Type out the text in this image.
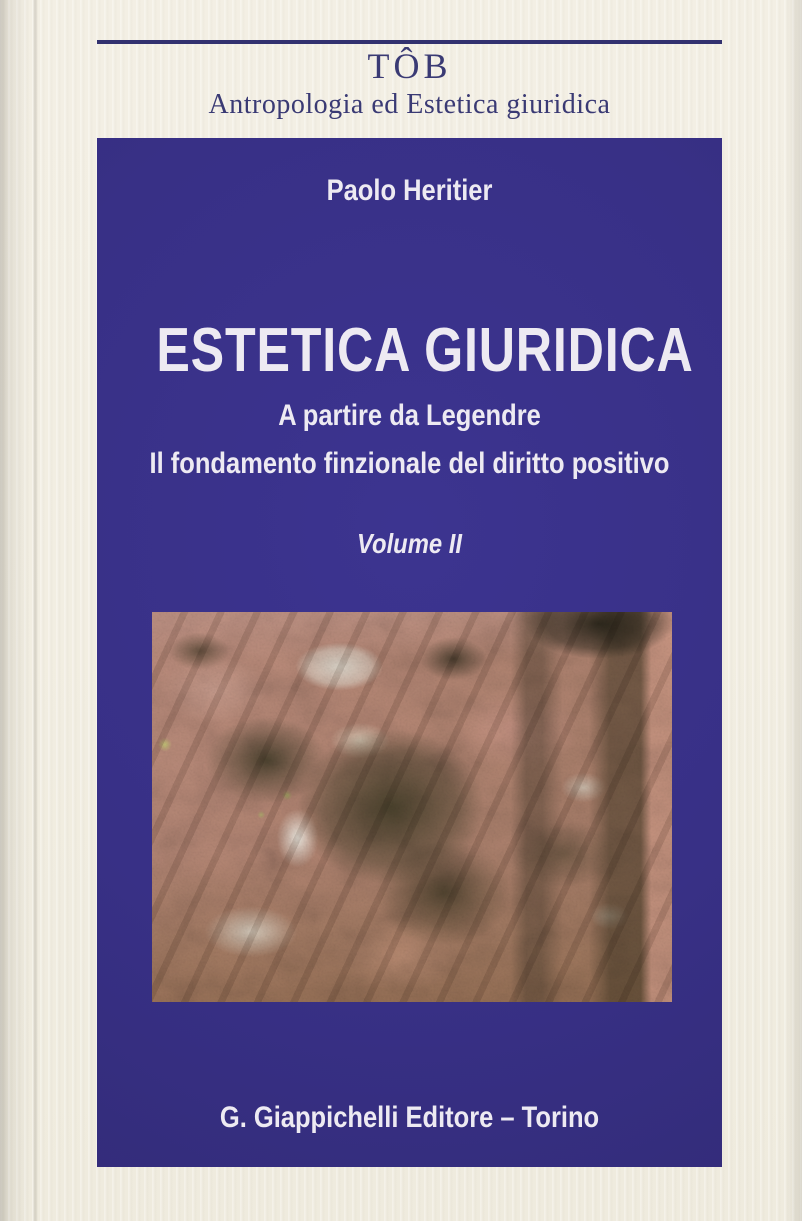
TÔB
Antropologia ed Estetica giuridica
Paolo Heritier
ESTETICA GIURIDICA
A partire da Legendre
Il fondamento finzionale del diritto positivo
Volume II
G. Giappichelli Editore – Torino
